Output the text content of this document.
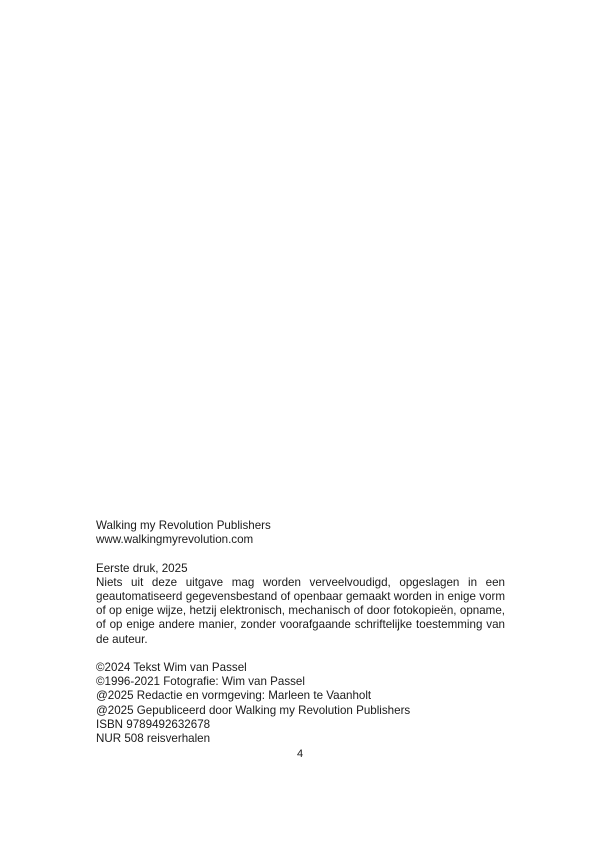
Walking my Revolution Publishers

www.walkingmyrevolution.com

Eerste druk, 2025

Niets uit deze uitgave mag worden verveelvoudigd, opgeslagen in een geautomatiseerd gegevensbestand of openbaar gemaakt worden in enige vorm of op enige wijze, hetzij elektronisch, mechanisch of door fotokopieën, opname, of op enige andere manier, zonder voorafgaande schriftelijke toestemming van de auteur.

©2024 Tekst Wim van Passel

©1996-2021 Fotografie: Wim van Passel

@2025 Redactie en vormgeving: Marleen te Vaanholt

@2025 Gepubliceerd door Walking my Revolution Publishers

ISBN 9789492632678

NUR 508 reisverhalen

4
